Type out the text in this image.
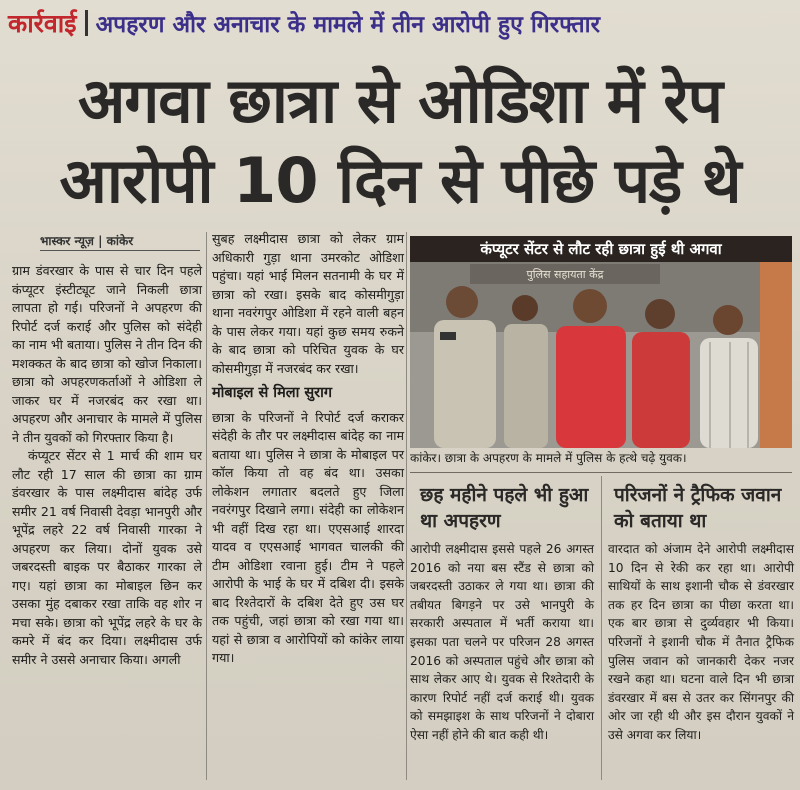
कार्रवाई अपहरण और अनाचार के मामले में तीन आरोपी हुए गिरफ्तार
अगवा छात्रा से ओडिशा में रेप
आरोपी 10 दिन से पीछे पड़े थे
भास्कर न्यूज़ | कांकेर

ग्राम डंवरखार के पास से चार दिन पहले कंप्यूटर इंस्टीट्यूट जाने निकली छात्रा लापता हो गई। परिजनों ने अपहरण की रिपोर्ट दर्ज कराई और पुलिस को संदेही का नाम भी बताया। पुलिस ने तीन दिन की मशक्कत के बाद छात्रा को खोज निकाला। छात्रा को अपहरणकर्ताओं ने ओडिशा ले जाकर घर में नजरबंद कर रखा था। अपहरण और अनाचार के मामले में पुलिस ने तीन युवकों को गिरफ्तार किया है।

कंप्यूटर सेंटर से 1 मार्च की शाम घर लौट रही 17 साल की छात्रा का ग्राम डंवरखार के पास लक्ष्मीदास बांदेह उर्फ समीर 21 वर्ष निवासी देवड़ा भानपुरी और भूपेंद्र लहरे 22 वर्ष निवासी गारका ने अपहरण कर लिया। दोनों युवक उसे जबरदस्ती बाइक पर बैठाकर गारका ले गए। यहां छात्रा का मोबाइल छिन कर उसका मुंह दबाकर रखा ताकि वह शोर न मचा सके। छात्रा को भूपेंद्र लहरे के घर के कमरे में बंद कर दिया। लक्ष्मीदास उर्फ समीर ने उससे अनाचार किया। अगली

सुबह लक्ष्मीदास छात्रा को लेकर ग्राम अधिकारी गुड़ा थाना उमरकोट ओडिशा पहुंचा। यहां भाई मिलन सतनामी के घर में छात्रा को रखा। इसके बाद कोसमीगुड़ा थाना नवरंगपुर ओडिशा में रहने वाली बहन के पास लेकर गया। यहां कुछ समय रुकने के बाद छात्रा को परिचित युवक के घर कोसमीगुड़ा में नजरबंद कर रखा।

मोबाइल से मिला सुराग

छात्रा के परिजनों ने रिपोर्ट दर्ज कराकर संदेही के तौर पर लक्ष्मीदास बांदेह का नाम बताया था। पुलिस ने छात्रा के मोबाइल पर कॉल किया तो वह बंद था। उसका लोकेशन लगातार बदलते हुए जिला नवरंगपुर दिखाने लगा। संदेही का लोकेशन भी वहीं दिख रहा था। एएसआई शारदा यादव व एएसआई भागवत चालकी की टीम ओडिशा रवाना हुई। टीम ने पहले आरोपी के भाई के घर में दबिश दी। इसके बाद रिश्तेदारों के दबिश देते हुए उस घर तक पहुंची, जहां छात्रा को रखा गया था। यहां से छात्रा व आरोपियों को कांकेर लाया गया।

कंप्यूटर सेंटर से लौट रही छात्रा हुई थी अगवा
पुलिस सहायता केंद्र
कांकेर। छात्रा के अपहरण के मामले में पुलिस के हत्थे चढ़े युवक।
छह महीने पहले भी हुआ था अपहरण
आरोपी लक्ष्मीदास इससे पहले 26 अगस्त 2016 को नया बस स्टैंड से छात्रा को जबरदस्ती उठाकर ले गया था। छात्रा की तबीयत बिगड़ने पर उसे भानपुरी के सरकारी अस्पताल में भर्ती कराया था। इसका पता चलने पर परिजन 28 अगस्त 2016 को अस्पताल पहुंचे और छात्रा को साथ लेकर आए थे। युवक से रिश्तेदारी के कारण रिपोर्ट नहीं दर्ज कराई थी। युवक को समझाइश के साथ परिजनों ने दोबारा ऐसा नहीं होने की बात कही थी।
परिजनों ने ट्रैफिक जवान को बताया था
वारदात को अंजाम देने आरोपी लक्ष्मीदास 10 दिन से रेकी कर रहा था। आरोपी साथियों के साथ इशानी चौक से डंवरखार तक हर दिन छात्रा का पीछा करता था। एक बार छात्रा से दुर्व्यवहार भी किया। परिजनों ने इशानी चौक में तैनात ट्रैफिक पुलिस जवान को जानकारी देकर नजर रखने कहा था। घटना वाले दिन भी छात्रा डंवरखार में बस से उतर कर सिंगनपुर की ओर जा रही थी और इस दौरान युवकों ने उसे अगवा कर लिया।
